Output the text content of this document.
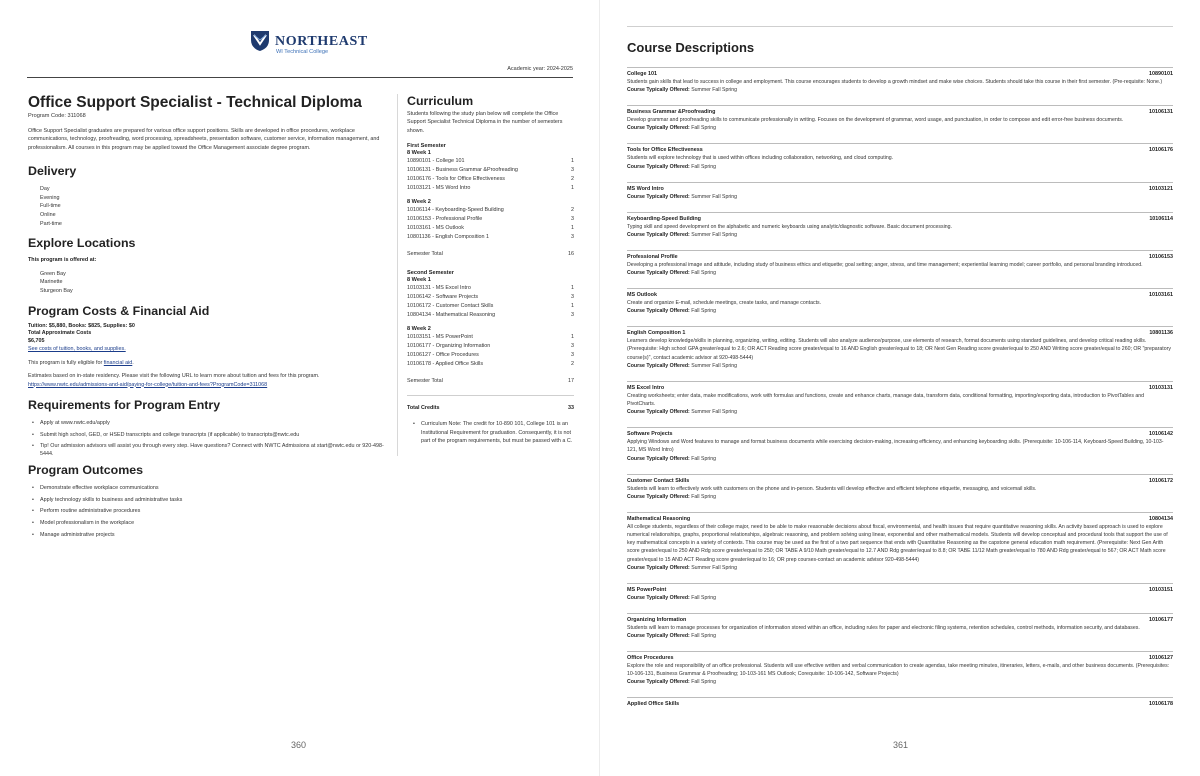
NORTHEAST
WI Technical College
Academic year: 2024-2025
Office Support Specialist - Technical Diploma
Program Code: 311068

Office Support Specialist graduates are prepared for various office support positions. Skills are developed in office procedures, workplace communications, technology, proofreading, word processing, spreadsheets, presentation software, customer service, information management, and professionalism. All courses in this program may be applied toward the Office Management associate degree program.

Delivery
Day
Evening
Full-time
Online
Part-time
Explore Locations
This program is offered at:
Green Bay
Marinette
Sturgeon Bay
Program Costs & Financial Aid
Tuition: $5,880, Books: $825, Supplies: $0
Total Approximate Costs
$6,705
See costs of tuition, books, and supplies.

This program is fully eligible for financial aid.

Estimates based on in-state residency. Please visit the following URL to learn more about tuition and fees for this program.

https://www.nwtc.edu/admissions-and-aid/paying-for-college/tuition-and-fees?ProgramCode=311068

Requirements for Program Entry
• Apply at www.nwtc.edu/apply
• Submit high school, GED, or HSED transcripts and college transcripts (if applicable) to transcripts@nwtc.edu
• Tip! Our admission advisors will assist you through every step. Have questions? Connect with NWTC Admissions at start@nwtc.edu or 920-498-5444.
Program Outcomes
• Demonstrate effective workplace communications
• Apply technology skills to business and administrative tasks
• Perform routine administrative procedures
• Model professionalism in the workplace
• Manage administrative projects
Curriculum

Students following the study plan below will complete the Office Support Specialist Technical Diploma in the number of semesters shown.

First Semester
8 Week 1
10890101 - College 101	1
10106131 - Business Grammar &Proofreading	3
10106176 - Tools for Office Effectiveness	2
10103121 - MS Word Intro	1
8 Week 2
10106114 - Keyboarding-Speed Building	2
10106153 - Professional Profile	3
10103161 - MS Outlook	1
10801136 - English Composition 1	3
Semester Total	16
Second Semester
8 Week 1
10103131 - MS Excel Intro	1
10106142 - Software Projects	3
10106172 - Customer Contact Skills	1
10804134 - Mathematical Reasoning	3
8 Week 2
10103151 - MS PowerPoint	1
10106177 - Organizing Information	3
10106127 - Office Procedures	3
10106178 - Applied Office Skills	2
Semester Total	17
Total Credits	33

• Curriculum Note: The credit for 10-890 101, College 101 is an Institutional Requirement for graduation. Consequently, it is not part of the program requirements, but must be passed with a C.

360
Course Descriptions
College 101	10890101
Students gain skills that lead to success in college and employment. This course encourages students to develop a growth mindset and make wise choices. Students should take this course in their first semester. (Pre-requisite: None.)
Course Typically Offered: Summer Fall Spring
Business Grammar &Proofreading	10106131
Develop grammar and proofreading skills to communicate professionally in writing. Focuses on the development of grammar, word usage, and punctuation, in order to compose and edit error-free business documents.
Course Typically Offered: Fall Spring
Tools for Office Effectiveness	10106176
Students will explore technology that is used within offices including collaboration, networking, and cloud computing.
Course Typically Offered: Fall Spring
MS Word Intro	10103121
Course Typically Offered: Summer Fall Spring
Keyboarding-Speed Building	10106114
Typing skill and speed development on the alphabetic and numeric keyboards using analytic/diagnostic software. Basic document processing.
Course Typically Offered: Summer Fall Spring
Professional Profile	10106153
Developing a professional image and attitude, including study of business ethics and etiquette; goal setting; anger, stress, and time management; experiential learning model; career portfolio, and personal branding introduced.
Course Typically Offered: Fall Spring
MS Outlook	10103161
Create and organize E-mail, schedule meetings, create tasks, and manage contacts.
Course Typically Offered: Fall Spring
English Composition 1	10801136
Learners develop knowledge/skills in planning, organizing, writing, editing. Students will also analyze audience/purpose, use elements of research, format documents using standard guidelines, and develop critical reading skills. (Prerequisite: High school GPA greater/equal to 2.6; OR ACT Reading score greater/equal to 16 AND English greater/equal to 18; OR Next Gen Reading score greater/equal to 250 AND Writing score greater/equal to 260; OR "preparatory course(s)", contact academic advisor at 920-498-5444)
Course Typically Offered: Summer Fall Spring
MS Excel Intro	10103131
Creating worksheets; enter data, make modifications, work with formulas and functions, create and enhance charts, manage data, transform data, conditional formatting, importing/exporting data, introduction to PivotTables and PivotCharts.
Course Typically Offered: Summer Fall Spring
Software Projects	10106142
Applying Windows and Word features to manage and format business documents while exercising decision-making, increasing efficiency, and enhancing keyboarding skills. (Prerequisite: 10-106-114, Keyboard-Speed Building, 10-103-121, MS Word Intro)
Course Typically Offered: Fall Spring
Customer Contact Skills	10106172
Students will learn to effectively work with customers on the phone and in-person. Students will develop effective and efficient telephone etiquette, messaging, and voicemail skills.
Course Typically Offered: Fall Spring
Mathematical Reasoning	10804134
All college students, regardless of their college major, need to be able to make reasonable decisions about fiscal, environmental, and health issues that require quantitative reasoning skills. An activity based approach is used to explore numerical relationships, graphs, proportional relationships, algebraic reasoning, and problem solving using linear, exponential and other mathematical models. Students will develop conceptual and procedural tools that support the use of key mathematical concepts in a variety of contexts. This course may be used as the first of a two part sequence that ends with Quantitative Reasoning as the capstone general education math requirement. (Prerequisite: Next Gen Arith score greater/equal to 250 AND Rdg score greater/equal to 250; OR TABE A 9/10 Math greater/equal to 12.7 AND Rdg greater/equal to 8.8; OR TABE 11/12 Math greater/equal to 780 AND Rdg greater/equal to 567; OR ACT Math score greater/equal to 15 AND ACT Reading score greater/equal to 16; OR prep courses-contact an academic advisor 920-498-5444)
Course Typically Offered: Summer Fall Spring
MS PowerPoint	10103151
Course Typically Offered: Fall Spring
Organizing Information	10106177
Students will learn to manage processes for organization of information stored within an office, including rules for paper and electronic filing systems, retention schedules, control methods, information security, and databases.
Course Typically Offered: Fall Spring
Office Procedures	10106127
Explore the role and responsibility of an office professional. Students will use effective written and verbal communication to create agendas, take meeting minutes, itineraries, letters, e-mails, and other business documents. (Prerequisites: 10-106-131, Business Grammar & Proofreading; 10-103-161 MS Outlook; Corequisite: 10-106-142, Software Projects)
Course Typically Offered: Fall Spring
Applied Office Skills	10106178
361
